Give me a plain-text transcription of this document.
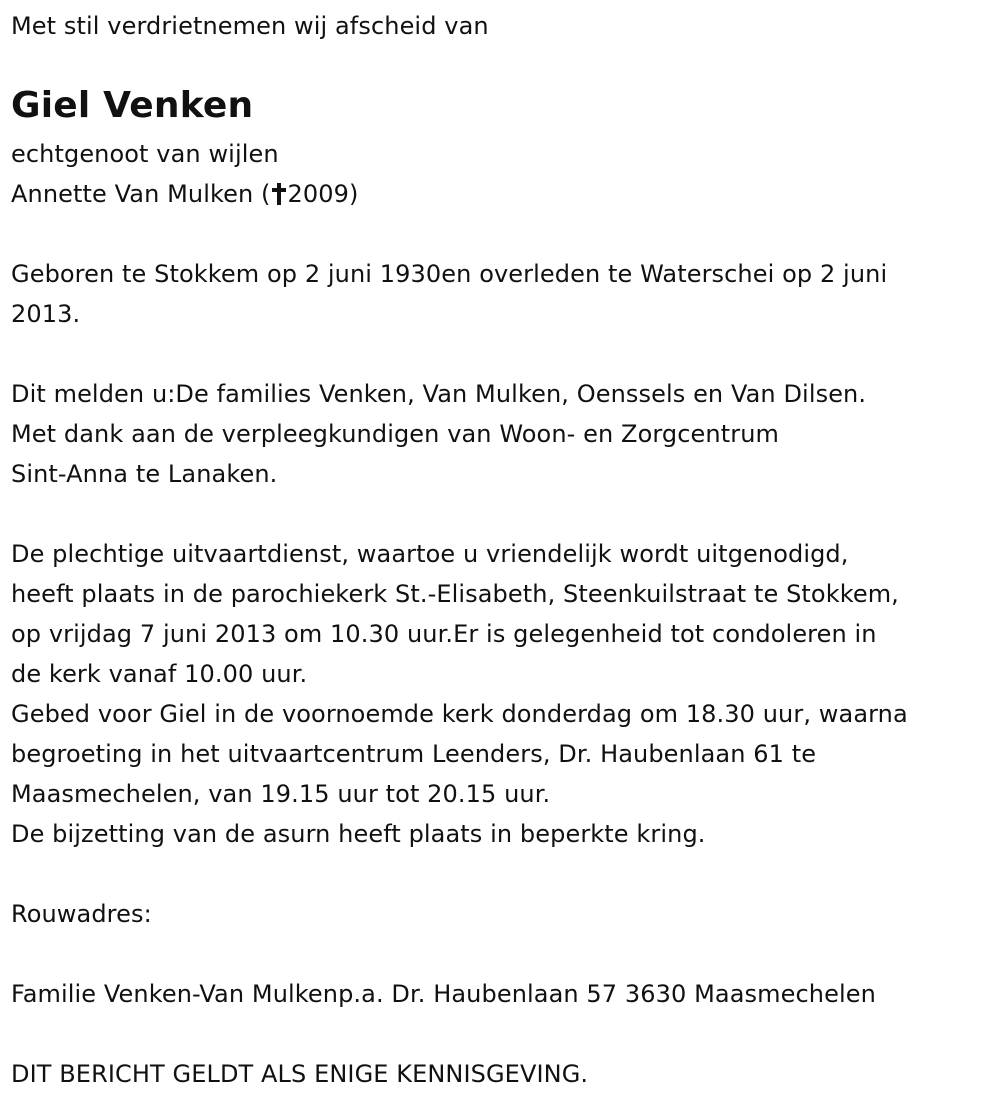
Met stil verdrietnemen wij afscheid van
Giel Venken
echtgenoot van wijlen
Annette Van Mulken ( 2009)
Geboren te Stokkem op 2 juni 1930en overleden te Waterschei op 2 juni
2013.
Dit melden u:De families Venken, Van Mulken, Oenssels en Van Dilsen.
Met dank aan de verpleegkundigen van Woon- en Zorgcentrum
Sint-Anna te Lanaken.
De plechtige uitvaartdienst, waartoe u vriendelijk wordt uitgenodigd,
heeft plaats in de parochiekerk St.-Elisabeth, Steenkuilstraat te Stokkem,
op vrijdag 7 juni 2013 om 10.30 uur.Er is gelegenheid tot condoleren in
de kerk vanaf 10.00 uur.
Gebed voor Giel in de voornoemde kerk donderdag om 18.30 uur, waarna
begroeting in het uitvaartcentrum Leenders, Dr. Haubenlaan 61 te
Maasmechelen, van 19.15 uur tot 20.15 uur.
De bijzetting van de asurn heeft plaats in beperkte kring.
Rouwadres:
Familie Venken-Van Mulkenp.a. Dr. Haubenlaan 57 3630 Maasmechelen
DIT BERICHT GELDT ALS ENIGE KENNISGEVING.
